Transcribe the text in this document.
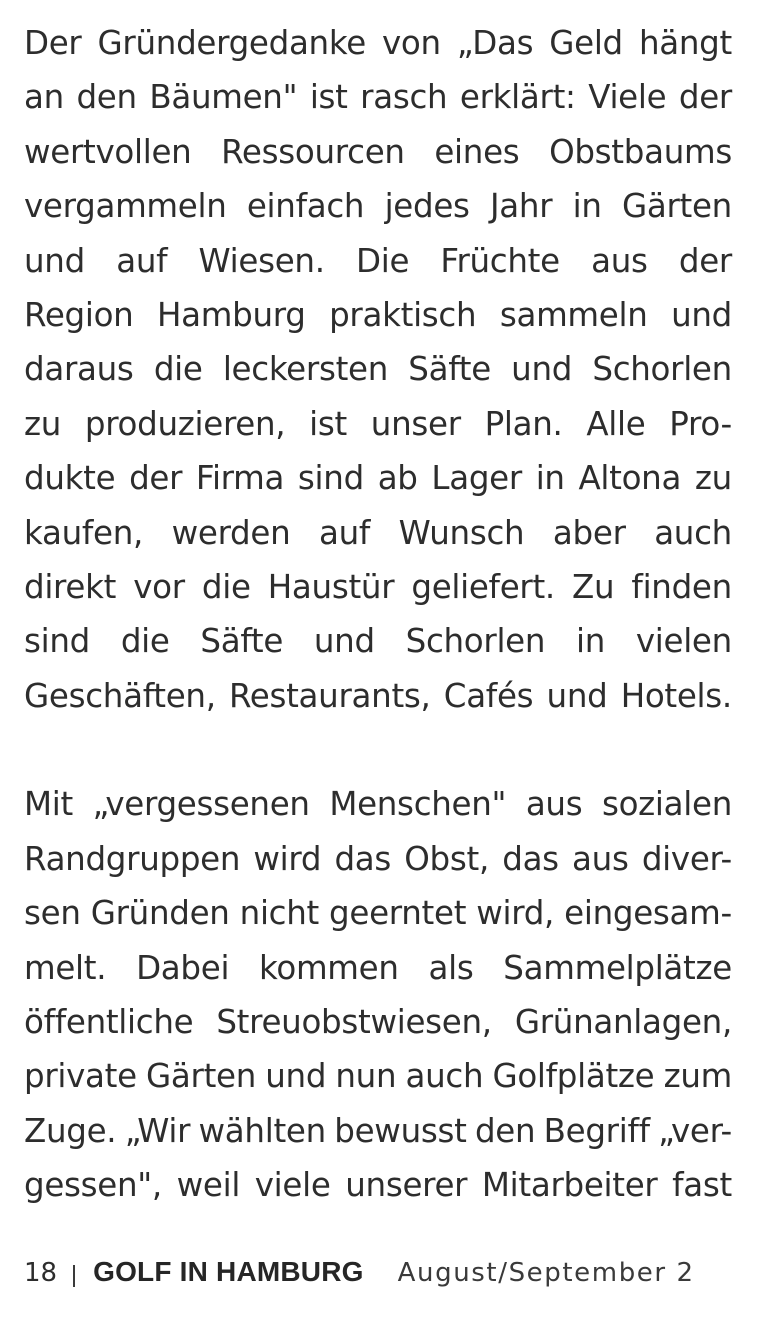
Der Gründergedanke von „Das Geld hängt
an den Bäumen" ist rasch erklärt: Viele der
wertvollen Ressourcen eines Obstbaums
vergammeln einfach jedes Jahr in Gärten
und auf Wiesen. Die Früchte aus der
Region Hamburg praktisch sammeln und
daraus die leckersten Säfte und Schorlen
zu produzieren, ist unser Plan. Alle Pro-
dukte der Firma sind ab Lager in Altona zu
kaufen, werden auf Wunsch aber auch
direkt vor die Haustür geliefert. Zu finden
sind die Säfte und Schorlen in vielen
Geschäften, Restaurants, Cafés und Hotels.

Mit „vergessenen Menschen" aus sozialen
Randgruppen wird das Obst, das aus diver-
sen Gründen nicht geerntet wird, eingesam-
melt. Dabei kommen als Sammelplätze
öffentliche Streuobstwiesen, Grünanlagen,
private Gärten und nun auch Golfplätze zum
Zuge. „Wir wählten bewusst den Begriff „ver-
gessen", weil viele unserer Mitarbeiter fast

18 GOLF IN HAMBURG August/September 2
